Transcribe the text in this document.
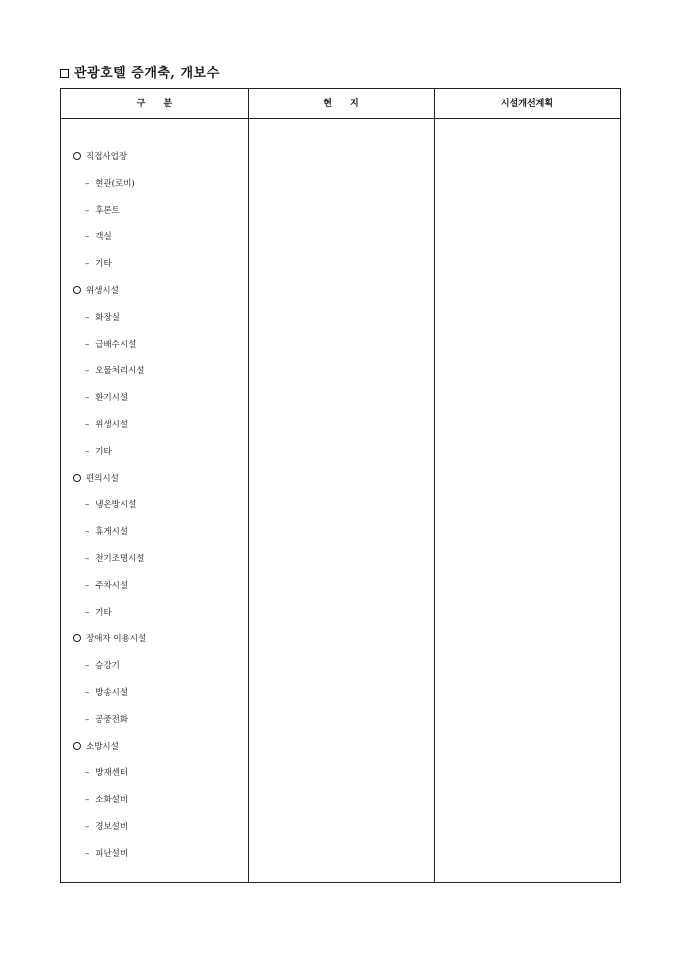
관광호텔 증개축, 개보수
구　　분	현　　지	시설개선계획
직접사업장
– 현관(로비)
– 후론트
– 객실
– 기타
위생시설
– 화장실
– 급배수시설
– 오물처리시설
– 환기시설
– 위생시설
– 기타
편의시설
– 냉온방시설
– 휴게시설
– 전기조명시설
– 주차시설
– 기타
장애자 이용시설
– 승강기
– 방송시설
– 공중전화
소방시설
– 방재센터
– 소화설비
– 경보설비
– 피난설비
